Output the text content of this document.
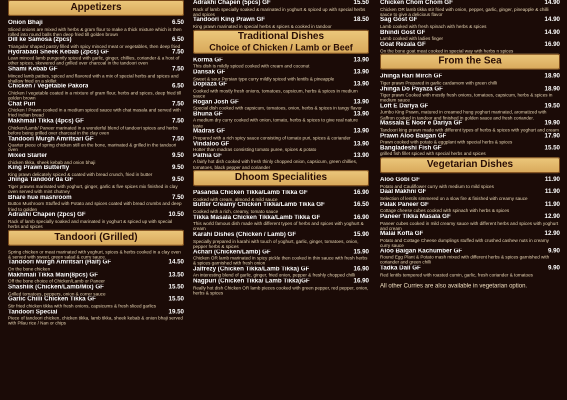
Appetizers
Onion Bhaji	6.50
Sliced onions are mixed with herbs & gram flour to make a thick mixture which is then rolled into round balls then deep fried till golden brown
Dill ke Samosa (2pcs)	6.50
Triangular shaped pastry filled with spicy minced meat or vegetables, then deep fried
Hydrabadi Sheek Kebab (2pcs) GF	7.50
Lean minced lamb pungently spiced with garlic, ginger, chillies, coriander & a host of other spices, skewered and grilled over charcoal in the tandoori oven
Shami Kebab GF	7.50
Minced lamb patties, spiced and flavored with a mix of special herbs and spices and shallow fried on a skillet
Chicken / Vegetable Pakora	6.50
Chicken / vegetable coated in a mixture of gram flour, herbs and spices, deep fried till golden brown
Chat Puri	7.50
Chicken / Prawn cooked in a medium spiced sauce with chat masala and served with fried Indian bread
Makhmali Tikka (4pcs) GF	7.50
Chicken/Lamb/ Paneer marinated in a wonderful blend of tandoori spices and herbs before being grilled over charcoal in the clay oven
Tandoori Murgh Amritsari GF	7.50
Quarter piece of spring chicken still on the bone, marinated & grilled in the tandoori oven
Mixed Starter	9.50
chicken tikka, sheek kebab and onion bhaji
King Prawn Butterfly	9.50
King prawn delicately spiced & coated with bread crunch, fried in butter
Jhinga Tandoor da GF	9.50
Tiger prawns marinated with yoghurt, ginger, garlic & five spices mix finished in clay oven served with mint chutney
Bhare hue mashroom	7.50
Button Mushroom Stuffed with Potato and spices coated with bread crumbs and deep fried to golden
Adrakhi Chapen (2pcs) GF	10.50
Rack of lamb specially soaked and marinated in yoghurt & spiced up with special herbs and spices
Tandoori (Grilled)
Spring chicken or meat marinated with yoghurt, spices & herbs cooked in a clay oven & served with sweet, green salad & curry sauce.
Tandoori Murgh Amritsari (Half) GF	14.50
On the bone chicken
Makhmali Tikka Main(8pcs) GF	13.50
Off the bone choice of Chicken/Lamb or Paneer
Shashlik (Chicken/Lamb/Mix) GF	15.50
Grilled tomatoes, peppers, onion & correr sauce
Garlic Chilli Chicken Tikka GF	15.50
Stir fried chicken tikka with fresh onions, capsicums & fresh sliced garlics
Tandoori Special	19.50
Piece of tandoori chicken, chicken tikka, lamb tikka, sheek kebab & onion bhaji served with Pilau rice / Nan or chips
Adrakhi Chapen (5pcs) GF	15.50
Rack of lamb specially soaked & marinated in yoghurt & spiced up with special herbs and spices
Tandoori King Prawn GF	18.50
King prawn marinated in special herbs & spices & cooked in tandoor
Traditional Dishes
Choice of Chicken / Lamb or Beef
Korma GF	13.90
This dish is mildly spiced cooked with cream and coconut
Dansak GF	13.90
Sweet & sour Persian type curry mildly spiced with lentils & pineapple
Dopiaza GF	13.90
Cooked with mostly fresh onions, tomatoes, capsicum, herbs & spices in medium sauce
Rogan Josh GF	13.90
Special dish cooked with capsicum, tomatoes, onion, herbs & spices in tangy flavor
Bhuna GF	13.90
A medium dry curry cooked with onion, tomato, herbs & spices to give real nature taste
Madras GF	13.90
Prepared with a rich spicy sauce consisting of tomato puri, spices & coriander
Vindaloo GF	13.90
Hotter than madras consisting tomato puree, spices & potato
Pathia GF	13.90
A fairly hot dish cooked with fresh thinly chopped onion, capsicum, green chillies, tomatoes, black pepper and coriander
Dhoom Specialities
Pasanda Chicken Tikka/Lamb Tikka GF	16.90
Cooked with cream, almond & mild sauce
Butter Creamy Chicken Tikka/Lamb Tikka GF	16.50
Cooked with a rich, creamy, tomato sauce
Tikka Masala Chicken Tikka/Lamb Tikka GF	16.90
This world famous dish made with different types of herbs and spices with yoghurt & cream
Karahi Dishes (Chicken / Lamb) GF	15.90
Specially prepared in karahi with touch of yoghurt, garlic, ginger, tomatoes, onion, pepper herbs & spices
Achari (Chicken/Lamb) GF	15.90
Chicken OR lamb marinated in spicy pickle then cooked in thin sauce with fresh herbs & spices garnished with fresh onion
Jalfrezy (Chicken Tikka/Lamb Tikka) GF	16.90
An interesting blend of garlic, ginger, fried onion, pepper & freshly chopped chilli
Nagpuri (Chicken Tikka/ Lamb Tikka)GF	16.90
Really hot dish Chicken OR lamb pieces cooked with green pepper, red pepper, onion, herbs & spices
Chicken Chom Chom GF	14.90
Chicken OR lamb tikka stir fried with onion, pepper, garlic, ginger, pineapple & chilli sauce to give a delicious flavor
Sag Gost GF	14.90
Lamb cooked with fresh spinach with herbs & spices
Bhindi Gost GF	14.90
Lamb cooked with ladies finger
Goat Rezala GF	16.90
On the bone goat meat cooked in special way with herbs n spices
From the Sea
Jhinga Hari Mirch GF	18.90
Tiger prawn Prepared in garlic cardamom with green chilli
Jhinga Do Payaza GF	18.90
Tiger prawn Cooked with mostly fresh onions, tomatoes, capsicum, herbs & spices in medium sauce
Loft E Dariya GF	19.50
Jumbo King Prawn, matured in creamed hung yoghurt marinated, aromatized with Saffron cooked in tandoor and finished in golden sauce and fresh coriander.
Massala E Noor e Dariya GF	19.90
Tandoori king prawn made with different types of herbs & spices with yoghurt and cream
Prawn Aloo Baigan GF	17.90
Prawn cooked with potato & eggplant with special herbs & spices
Bangladeshi Fish GF	15.50
grilled fish fillet spiced with special herbs and spices
Vegetarian Dishes
Aloo Gobi GF	11.90
Potato and Cauliflower curry with medium to mild spices
Daal Makhni GF	11.90
Selection of lentils simmered on a slow fire & finished with creamy sauce
Palak Paneer GF	11.90
Cottage cheese cubes cooked with spinach with herbs & spices
Paneer Tikka Masala GF	12.90
Paneer cubes cooked in mild creamy sauce with different herbs and spices with yoghurt and cream
Malai Kofta GF	12.90
Potato and Cottage Cheese dumplings stuffed with crushed cashew nuts in creamy curry sauce
Aloo Baigan Kachumber GF	9.90
Round Egg Plant & Potato mash mixed with different herbs & spices garnished with coriander and green chilli
Tadka Dall GF	9.90
Red lentils tempered with roasted cumin, garlic, fresh coriander & tomatoes
All other Curries are also available in vegetarian option.
